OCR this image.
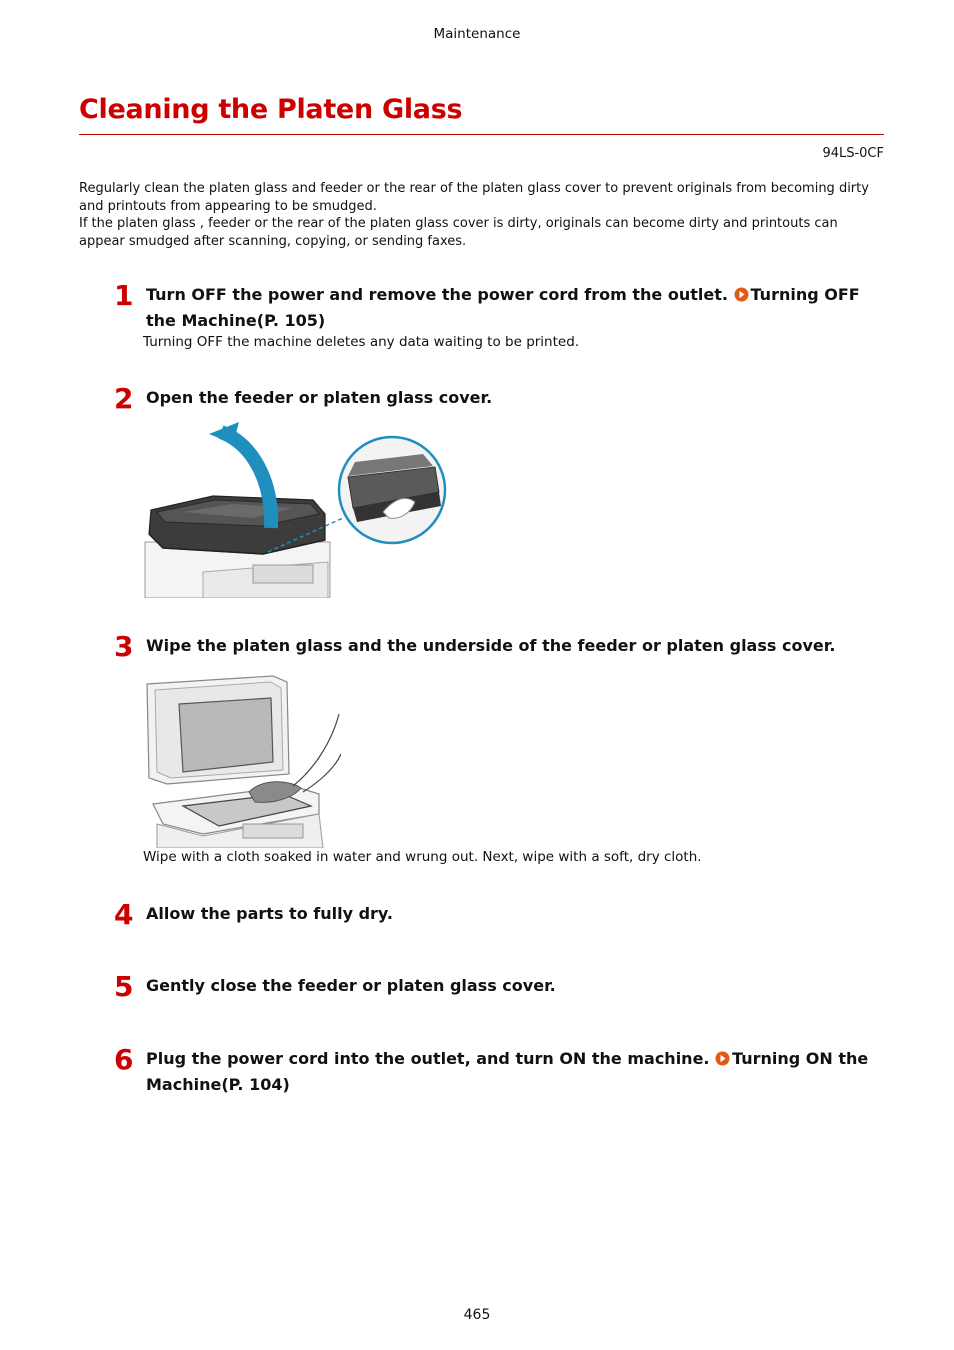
Maintenance
Cleaning the Platen Glass
94LS-0CF

Regularly clean the platen glass and feeder or the rear of the platen glass cover to prevent originals from becoming dirty and printouts from appearing to be smudged.

If the platen glass , feeder or the rear of the platen glass cover is dirty, originals can become dirty and printouts can appear smudged after scanning, copying, or sending faxes.

1 Turn OFF the power and remove the power cord from the outlet. Turning OFF the Machine(P. 105)
Turning OFF the machine deletes any data waiting to be printed.
2 Open the feeder or platen glass cover.
3 Wipe the platen glass and the underside of the feeder or platen glass cover.
Wipe with a cloth soaked in water and wrung out. Next, wipe with a soft, dry cloth.
4 Allow the parts to fully dry.
5 Gently close the feeder or platen glass cover.
6 Plug the power cord into the outlet, and turn ON the machine. Turning ON the Machine(P. 104)
465
